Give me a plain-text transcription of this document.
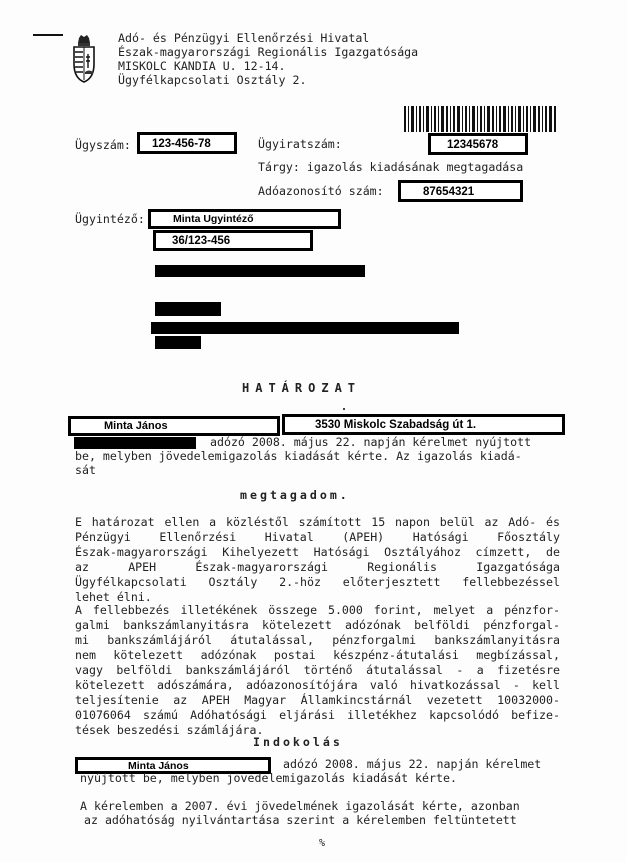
Adó- és Pénzügyi Ellenőrzési Hivatal
Észak-magyarországi Regionális Igazgatósága
MISKOLC KANDIA U. 12-14.
Ügyfélkapcsolati Osztály 2.
Ügyszám: 123-456-78	Ügyiratszám:	12345678
Tárgy: igazolás kiadásának megtagadása
Adóazonosító szám:	87654321
Ügyintéző:	Minta Ugyintéző
36/123-456
HATÁROZAT
Minta János	3530 Miskolc Szabadság út 1.
adózó 2008. május 22. napján kérelmet nyújtott
be, melyben jövedelemigazolás kiadását kérte. Az igazolás kiadá-
sát
megtagadom.
E határozat ellen a közléstől számított 15 napon belül az Adó- és
Pénzügyi Ellenőrzési Hivatal (APEH) Hatósági Főosztály
Észak-magyarországi Kihelyezett Hatósági Osztályához címzett, de
az APEH Észak-magyarországi Regionális Igazgatósága
Ügyfélkapcsolati Osztály 2.-höz előterjesztett fellebbezéssel
lehet élni.
A fellebbezés illetékének összege 5.000 forint, melyet a pénzfor-
galmi bankszámlanyitásra kötelezett adózónak belföldi pénzforgal-
mi bankszámlájáról átutalással, pénzforgalmi bankszámlanyitásra
nem kötelezett adózónak postai készpénz-átutalási megbízással,
vagy belföldi bankszámlájáról történő átutalással - a fizetésre
kötelezett adószámára, adóazonosítójára való hivatkozással - kell
teljesítenie az APEH Magyar Államkincstárnál vezetett 10032000-
01076064 számú Adóhatósági eljárási illetékhez kapcsolódó befize-
tések beszedési számlájára.
Indokolás
Minta János	adózó 2008. május 22. napján kérelmet
nyújtott be, melyben jövedelemigazolás kiadását kérte.
A kérelemben a 2007. évi jövedelmének igazolását kérte, azonban
az adóhatóság nyilvántartása szerint a kérelemben feltüntetett
%
